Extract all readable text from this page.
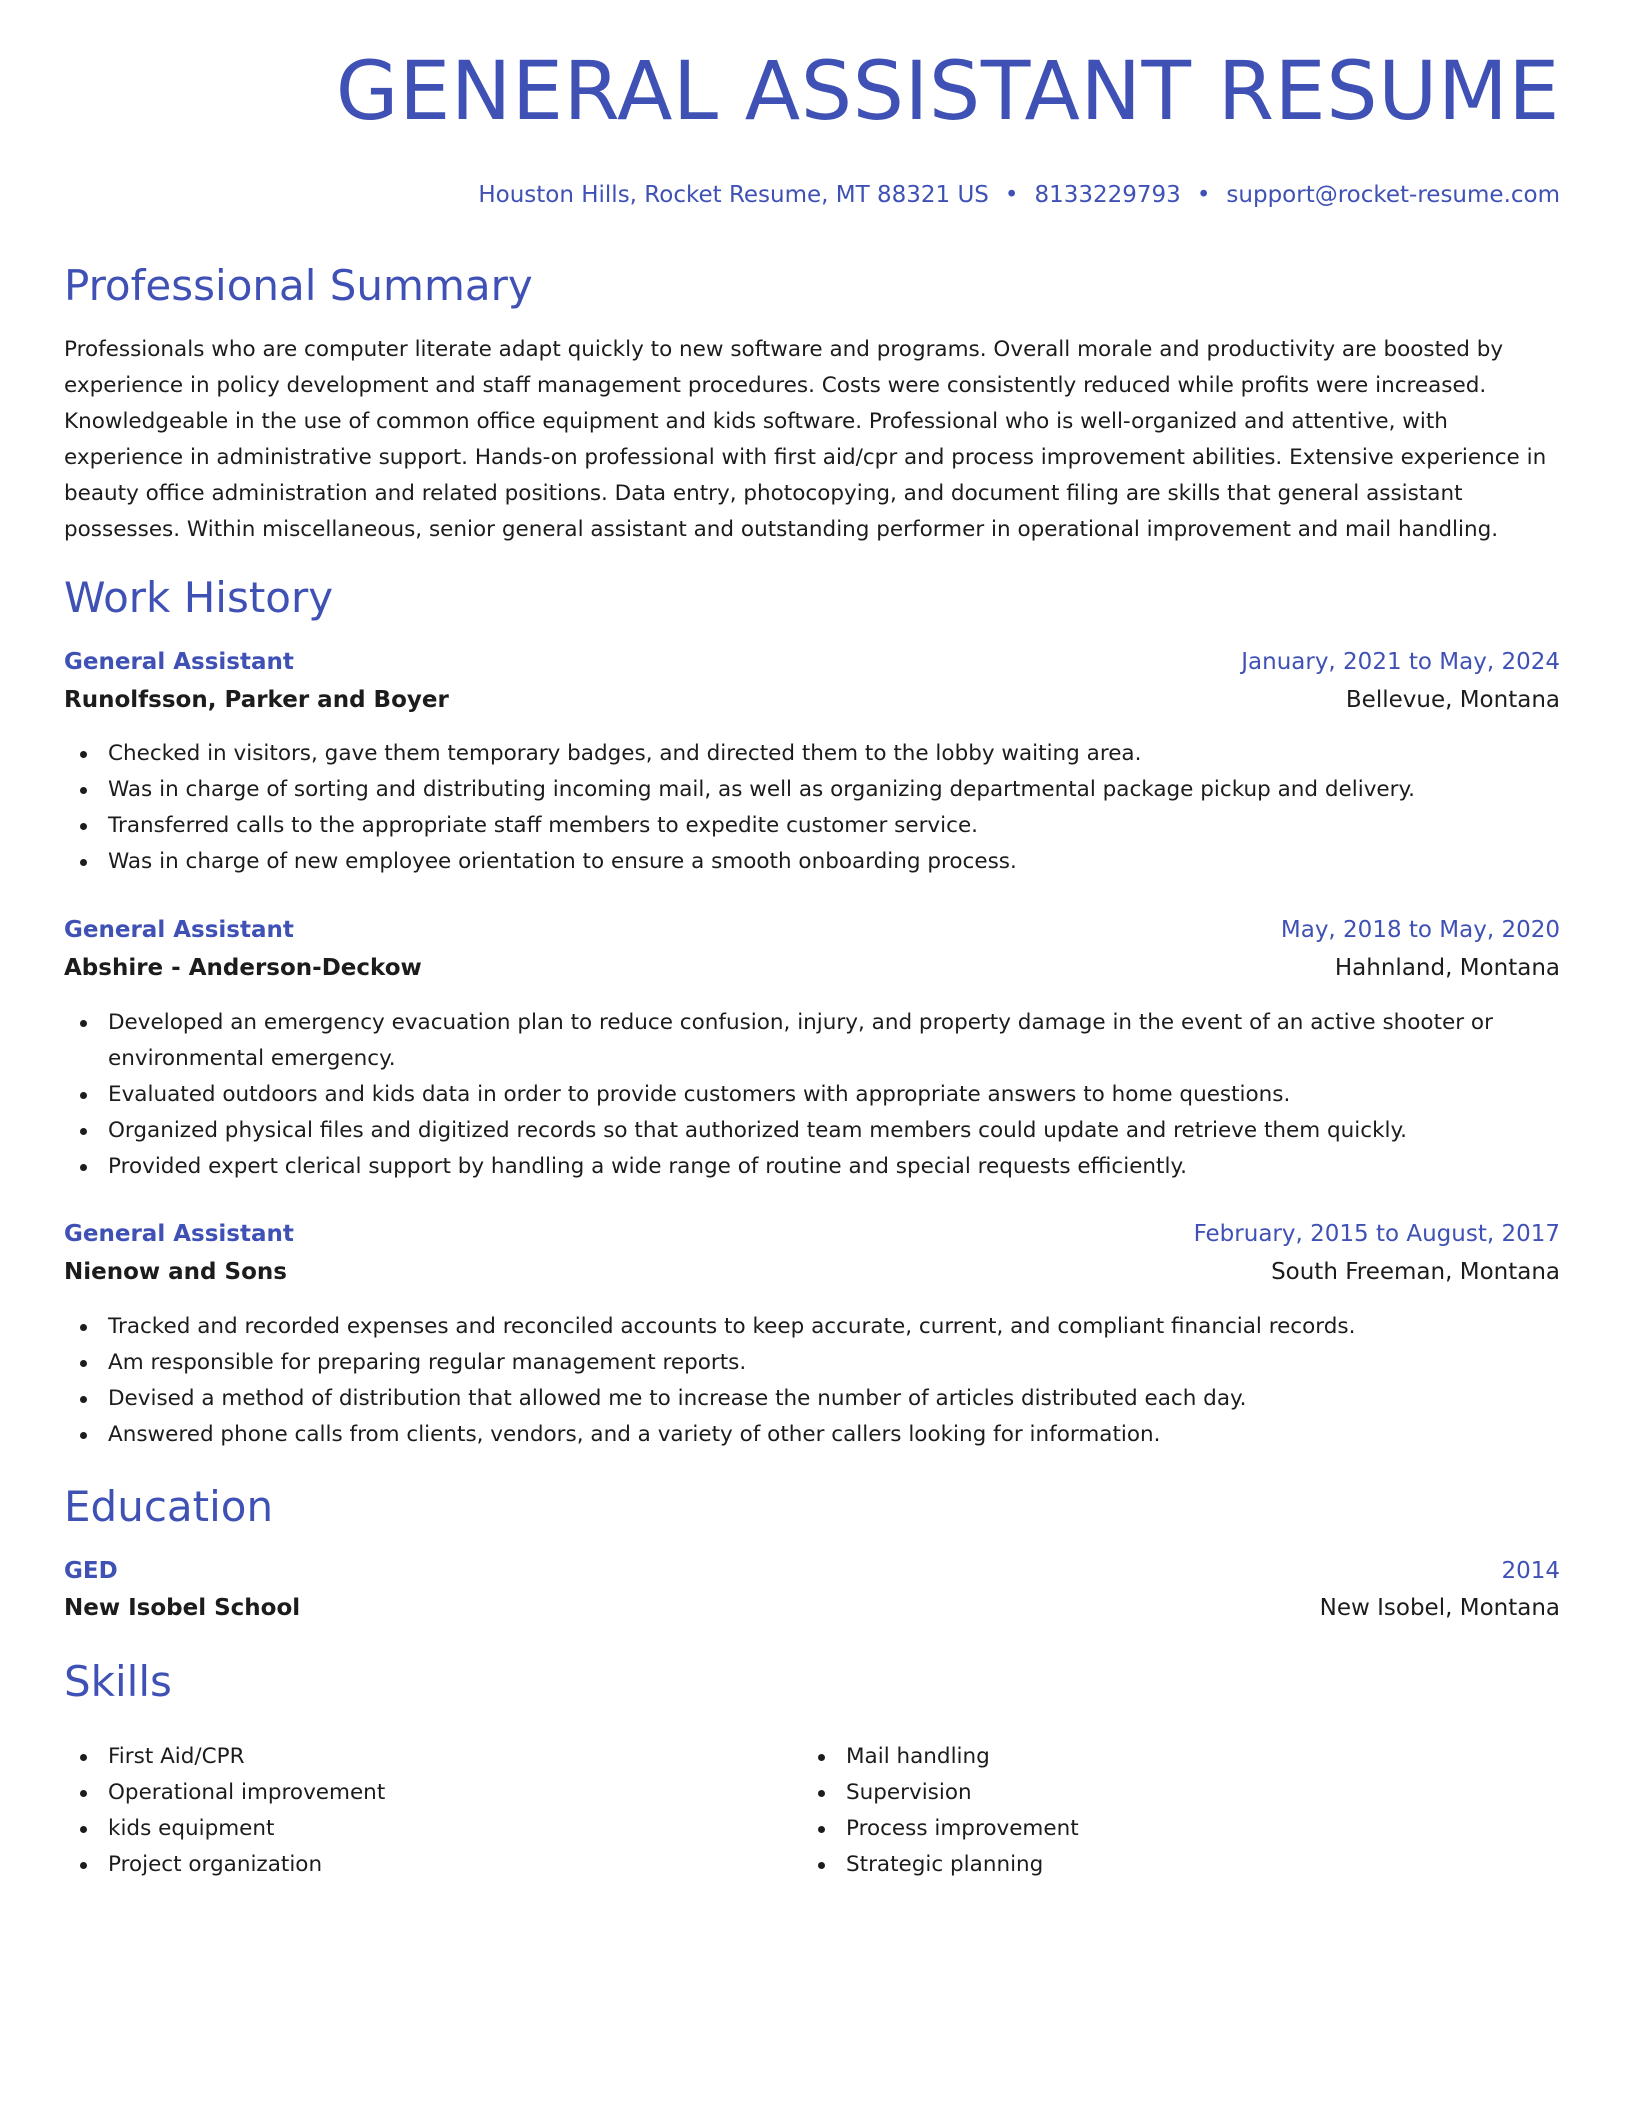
GENERAL ASSISTANT RESUME
Houston Hills, Rocket Resume, MT 88321 US • 8133229793 • support@rocket-resume.com
Professional Summary

Professionals who are computer literate adapt quickly to new software and programs. Overall morale and productivity are boosted by experience in policy development and staff management procedures. Costs were consistently reduced while profits were increased. Knowledgeable in the use of common office equipment and kids software. Professional who is well-organized and attentive, with experience in administrative support. Hands-on professional with first aid/cpr and process improvement abilities. Extensive experience in beauty office administration and related positions. Data entry, photocopying, and document filing are skills that general assistant possesses. Within miscellaneous, senior general assistant and outstanding performer in operational improvement and mail handling.

Work History
General Assistant	January, 2021 to May, 2024
Runolfsson, Parker and Boyer	Bellevue, Montana
Checked in visitors, gave them temporary badges, and directed them to the lobby waiting area.
Was in charge of sorting and distributing incoming mail, as well as organizing departmental package pickup and delivery.
Transferred calls to the appropriate staff members to expedite customer service.
Was in charge of new employee orientation to ensure a smooth onboarding process.
General Assistant	May, 2018 to May, 2020
Abshire - Anderson-Deckow	Hahnland, Montana
Developed an emergency evacuation plan to reduce confusion, injury, and property damage in the event of an active shooter or environmental emergency.
Evaluated outdoors and kids data in order to provide customers with appropriate answers to home questions.
Organized physical files and digitized records so that authorized team members could update and retrieve them quickly.
Provided expert clerical support by handling a wide range of routine and special requests efficiently.
General Assistant	February, 2015 to August, 2017
Nienow and Sons	South Freeman, Montana
Tracked and recorded expenses and reconciled accounts to keep accurate, current, and compliant financial records.
Am responsible for preparing regular management reports.
Devised a method of distribution that allowed me to increase the number of articles distributed each day.
Answered phone calls from clients, vendors, and a variety of other callers looking for information.
Education
GED	2014
New Isobel School	New Isobel, Montana
Skills
First Aid/CPR
Operational improvement
kids equipment
Project organization
Mail handling
Supervision
Process improvement
Strategic planning
